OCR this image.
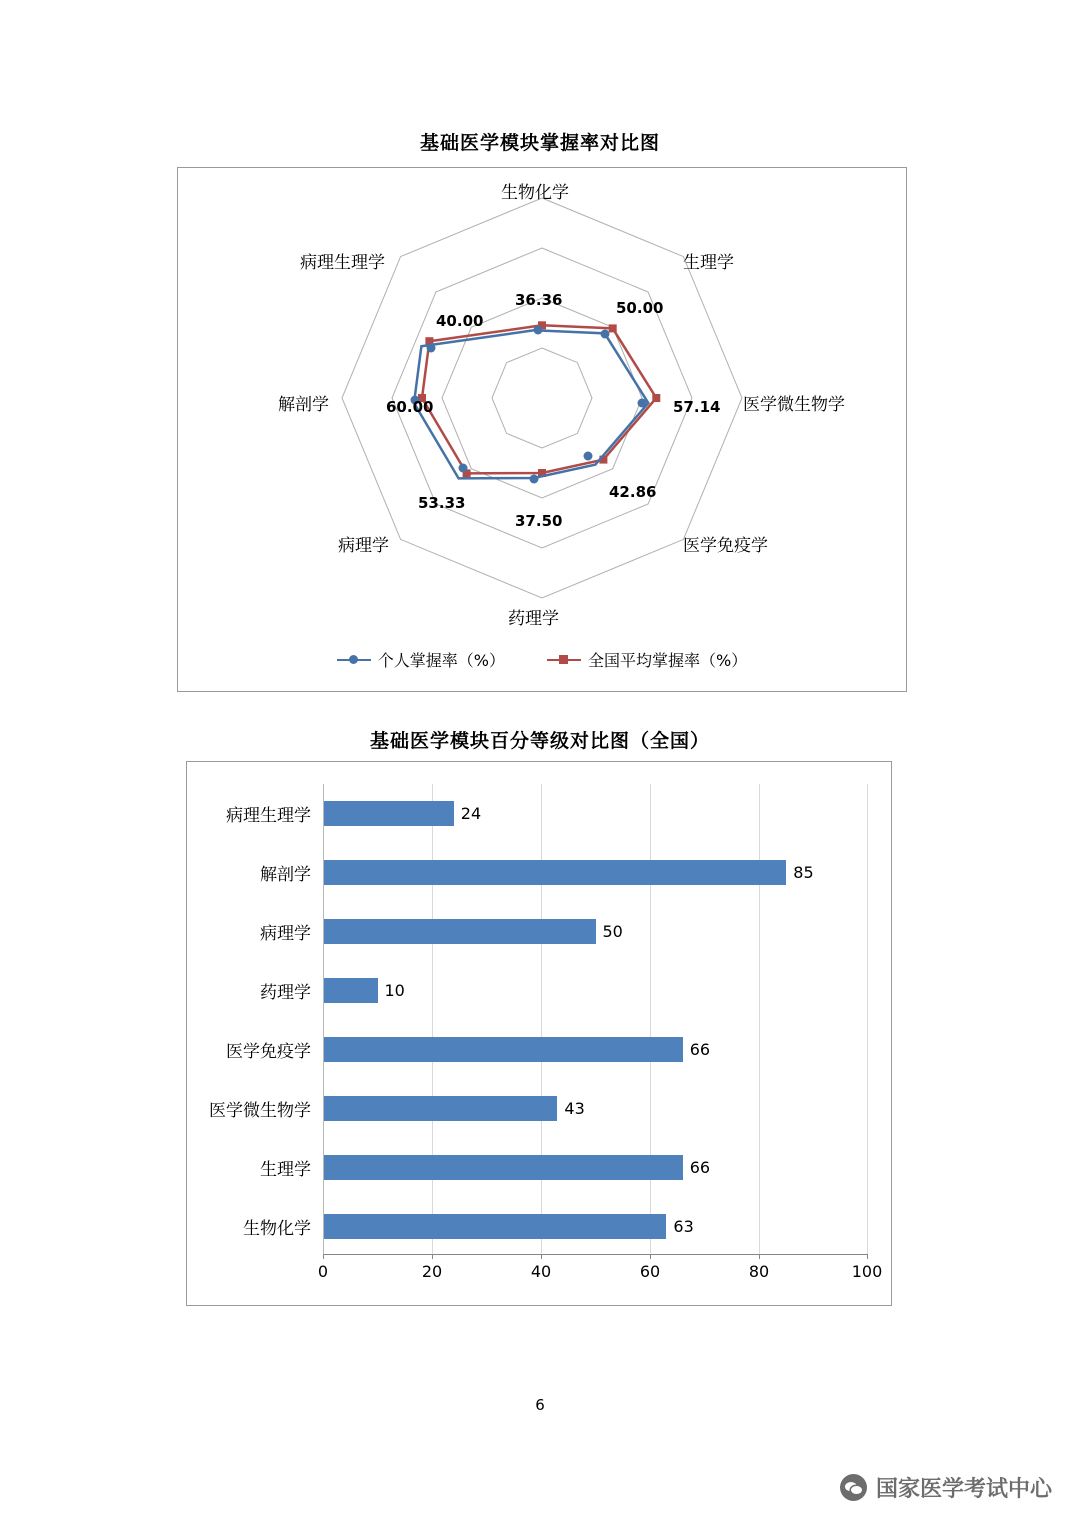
基础医学模块掌握率对比图
生物化学
生理学
医学微生物学
医学免疫学
药理学
病理学
解剖学
病理生理学
36.36	50.00
57.14
42.86
37.50
53.33
60.00
40.00
个人掌握率（%）	全国平均掌握率（%）
基础医学模块百分等级对比图（全国）
病理生理学	24
解剖学	85
病理学	50
药理学	10
医学免疫学	66
医学微生物学	43
生理学	66
生物化学	63
0	20	40	60	80	100
6
国家医学考试中心
